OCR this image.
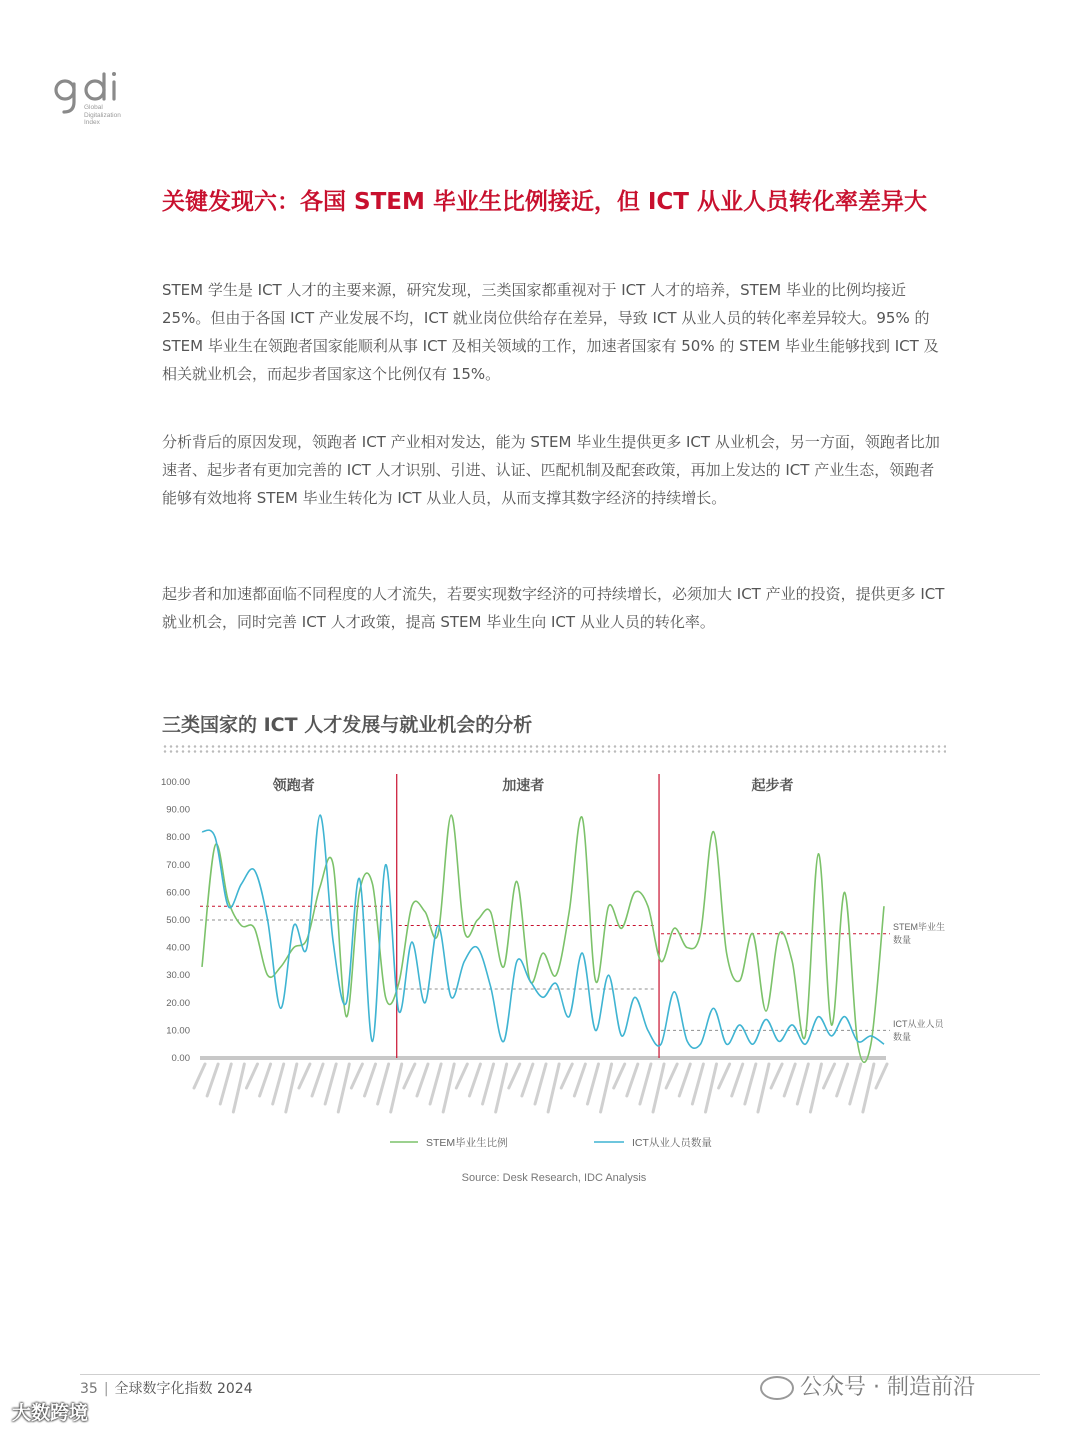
Global
Digitalization
Index
关键发现六：各国 STEM 毕业生比例接近，但 ICT 从业人员转化率差异大

STEM 学生是 ICT 人才的主要来源，研究发现，三类国家都重视对于 ICT 人才的培养，STEM 毕业的比例均接近 25%。但由于各国 ICT 产业发展不均，ICT 就业岗位供给存在差异，导致 ICT 从业人员的转化率差异较大。95% 的 STEM 毕业生在领跑者国家能顺利从事 ICT 及相关领域的工作，加速者国家有 50% 的 STEM 毕业生能够找到 ICT 及相关就业机会，而起步者国家这个比例仅有 15%。

分析背后的原因发现，领跑者 ICT 产业相对发达，能为 STEM 毕业生提供更多 ICT 从业机会，另一方面，领跑者比加速者、起步者有更加完善的 ICT 人才识别、引进、认证、匹配机制及配套政策，再加上发达的 ICT 产业生态，领跑者能够有效地将 STEM 毕业生转化为 ICT 从业人员，从而支撑其数字经济的持续增长。

起步者和加速都面临不同程度的人才流失，若要实现数字经济的可持续增长，必须加大 ICT 产业的投资，提供更多 ICT 就业机会，同时完善 ICT 人才政策，提高 STEM 毕业生向 ICT 从业人员的转化率。

三类国家的 ICT 人才发展与就业机会的分析
0.00
10.00
20.00
30.00
40.00
50.00
60.00
70.00
80.00
90.00
100.00	领跑者	加速者	起步者
STEM毕业生
数量
ICT从业人员
数量
STEM毕业生比例	ICT从业人员数量
Source: Desk Research, IDC Analysis
35 | 全球数字化指数 2024	公众号 · 制造前沿
大数跨境
